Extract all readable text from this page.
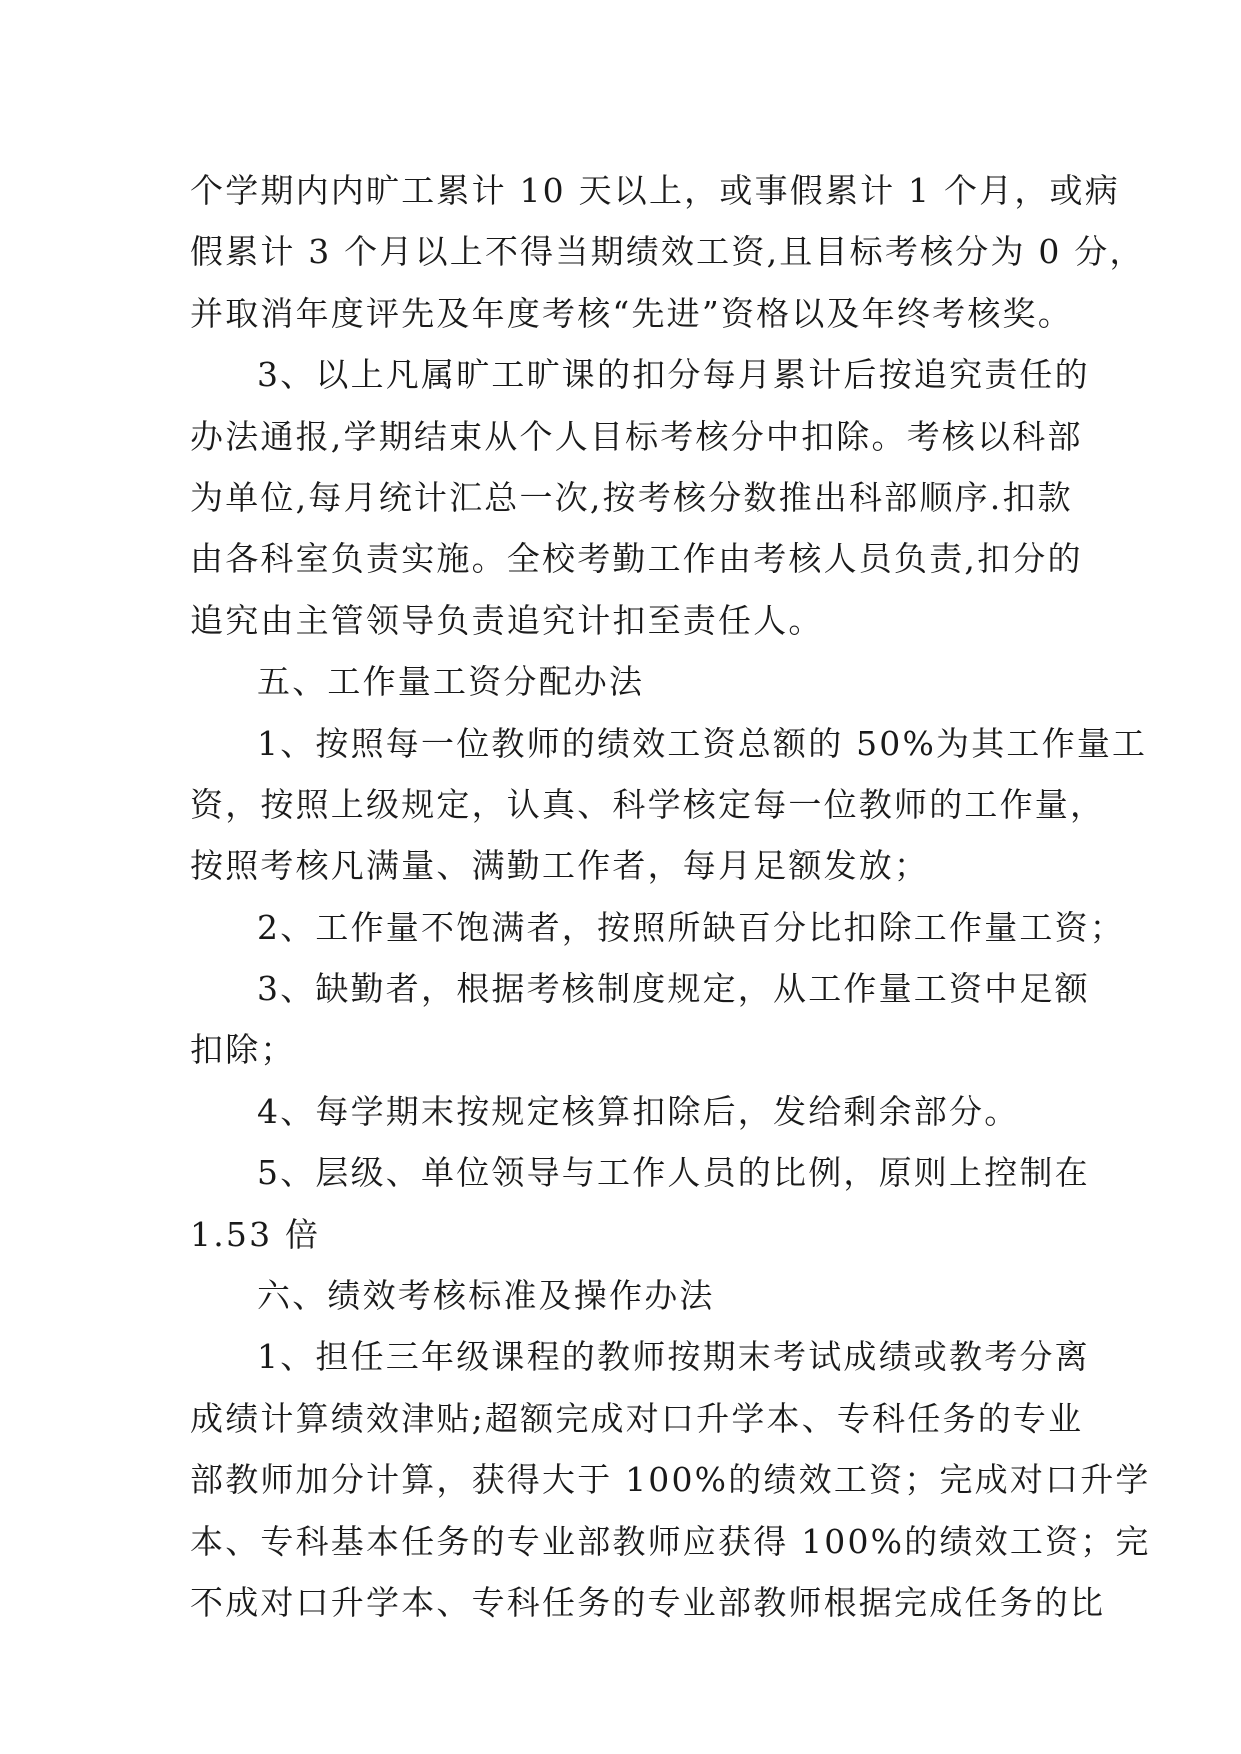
个学期内内旷工累计 10 天以上，或事假累计 1 个月，或病
假累计 3 个月以上不得当期绩效工资,且目标考核分为 0 分，
并取消年度评先及年度考核“先进”资格以及年终考核奖。
3、以上凡属旷工旷课的扣分每月累计后按追究责任的
办法通报,学期结束从个人目标考核分中扣除。考核以科部
为单位,每月统计汇总一次,按考核分数推出科部顺序.扣款
由各科室负责实施。全校考勤工作由考核人员负责,扣分的
追究由主管领导负责追究计扣至责任人。
五、工作量工资分配办法
1、按照每一位教师的绩效工资总额的 50%为其工作量工
资，按照上级规定，认真、科学核定每一位教师的工作量，
按照考核凡满量、满勤工作者，每月足额发放；
2、工作量不饱满者，按照所缺百分比扣除工作量工资；
3、缺勤者，根据考核制度规定，从工作量工资中足额
扣除；
4、每学期末按规定核算扣除后，发给剩余部分。
5、层级、单位领导与工作人员的比例，原则上控制在
1.53 倍
六、绩效考核标准及操作办法
1、担任三年级课程的教师按期末考试成绩或教考分离
成绩计算绩效津贴;超额完成对口升学本、专科任务的专业
部教师加分计算，获得大于 100%的绩效工资；完成对口升学
本、专科基本任务的专业部教师应获得 100%的绩效工资；完
不成对口升学本、专科任务的专业部教师根据完成任务的比
